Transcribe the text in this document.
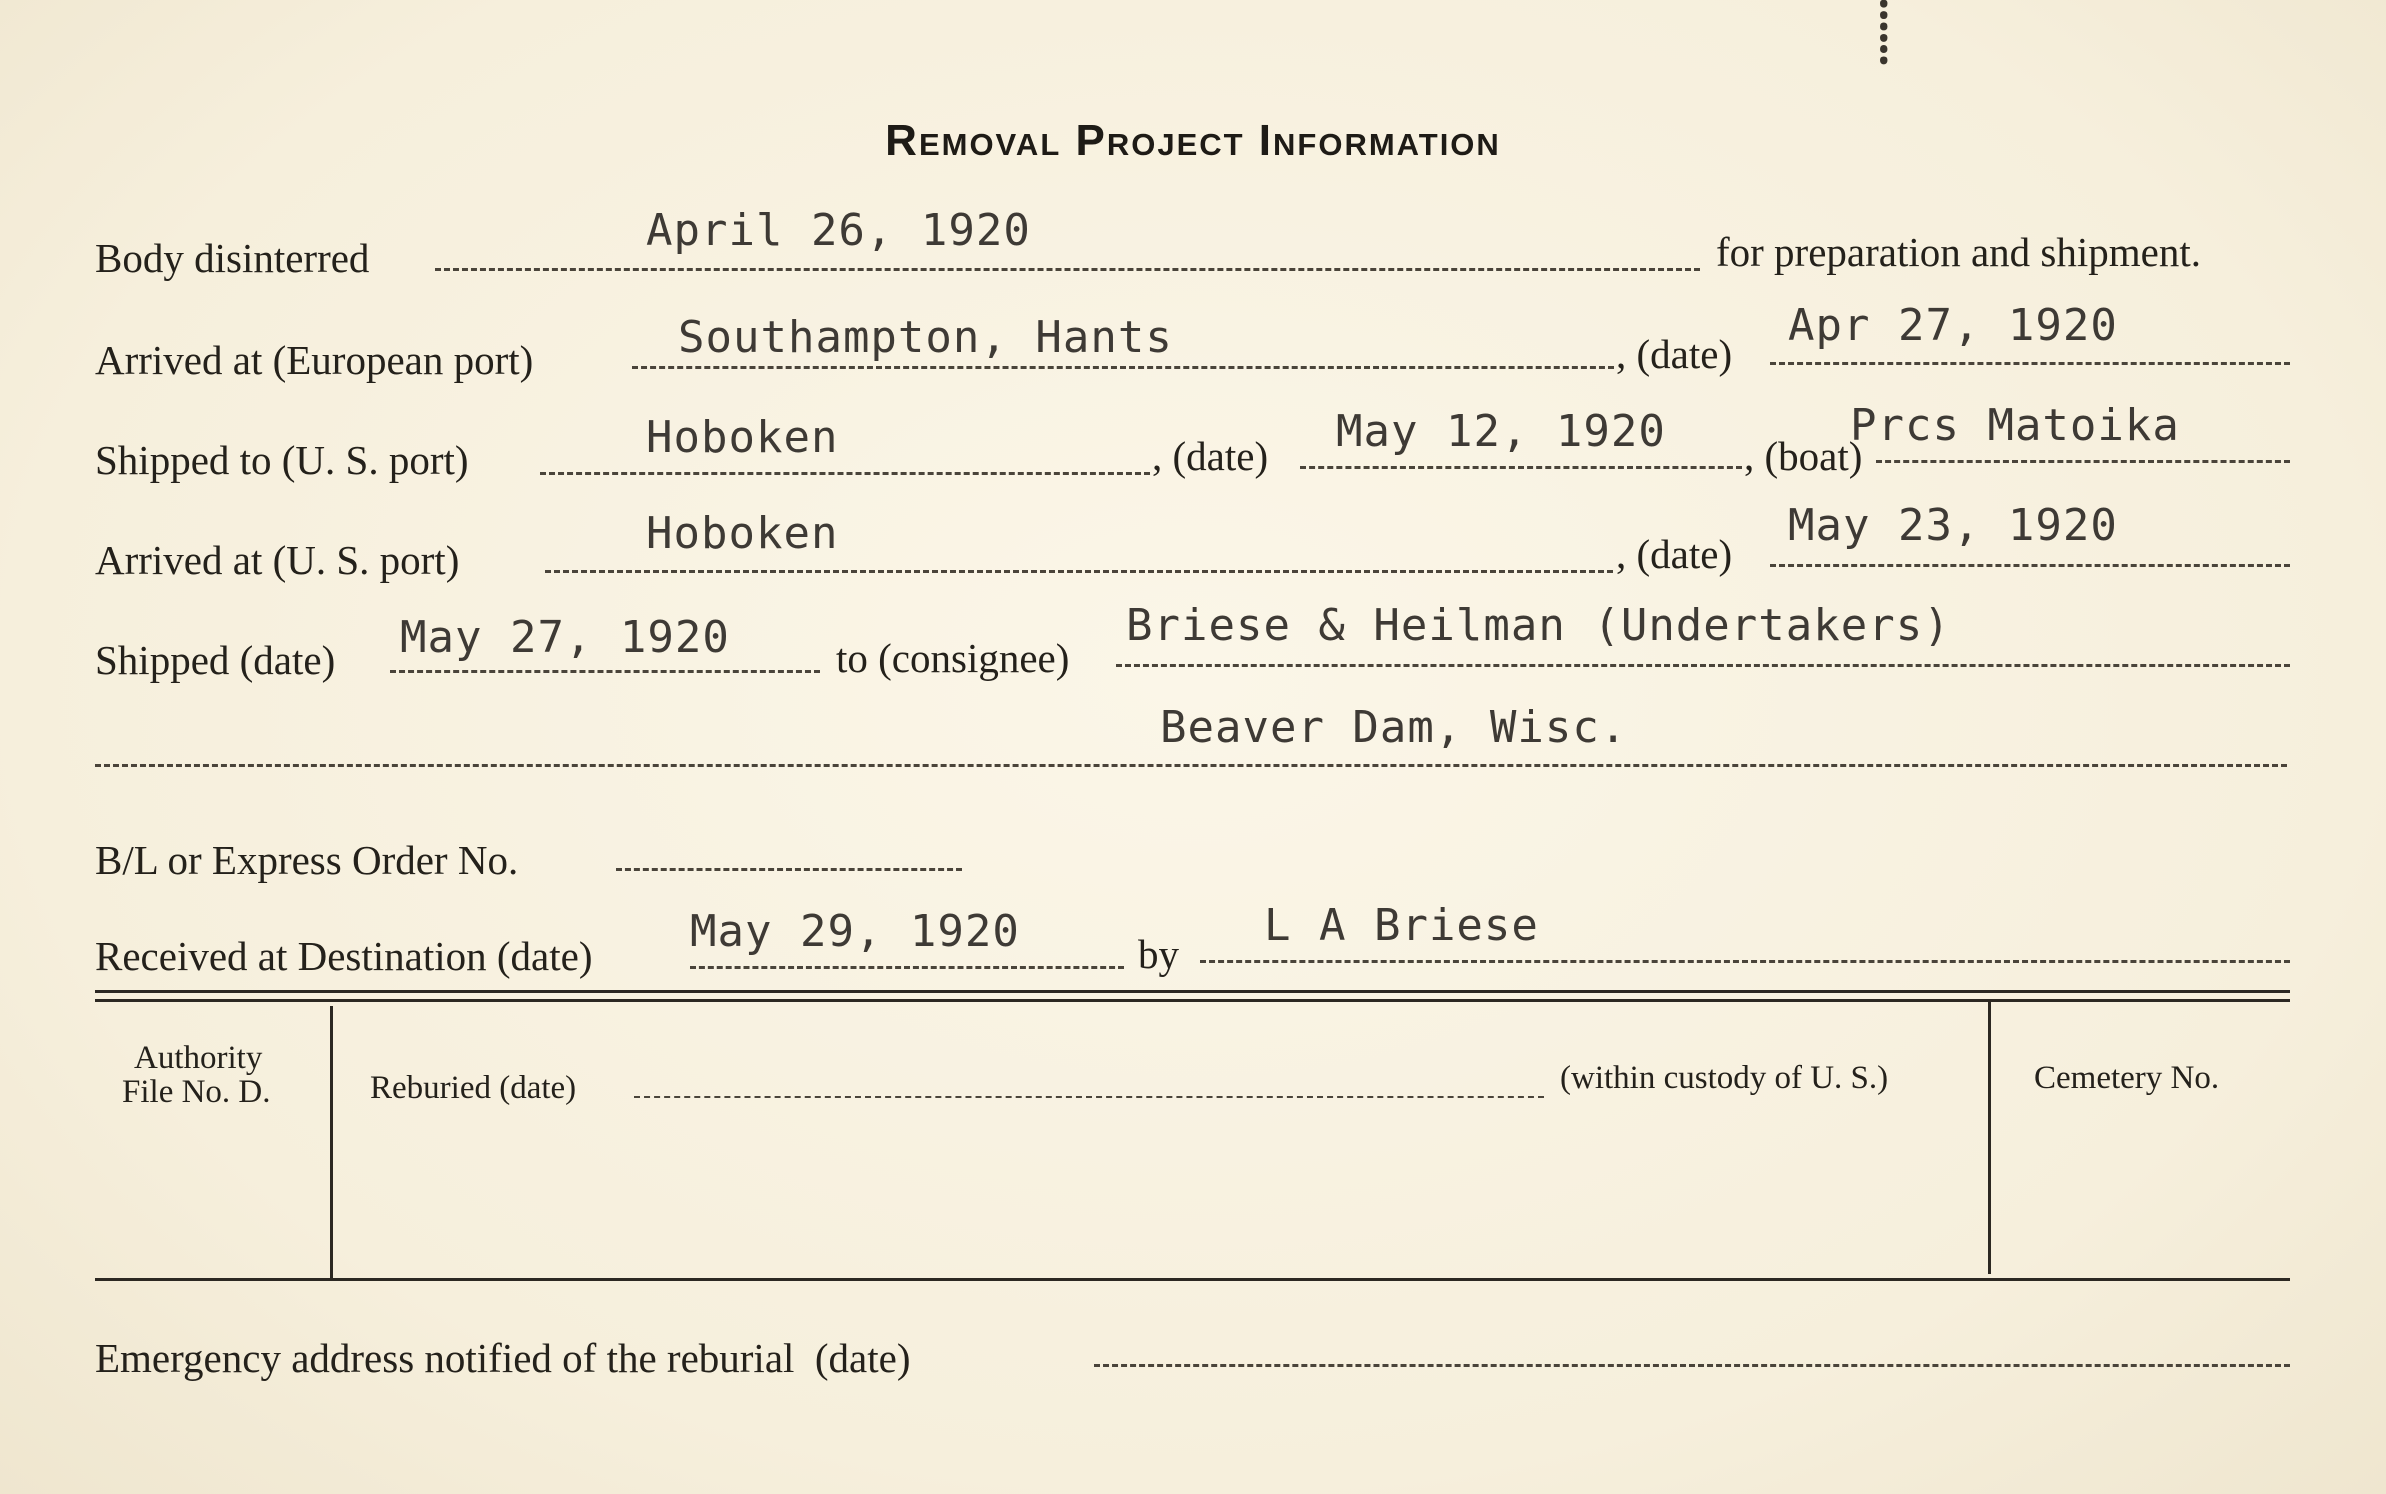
⸽
Removal Project Information
Body disinterred
April 26, 1920	for preparation and shipment.
Arrived at (European port)	Southampton, Hants	, (date)
Apr 27, 1920
Shipped to (U. S. port)	Hoboken	, (date) May 12, 1920 , (boat)
Prcs Matoika
Arrived at (U. S. port)
Hoboken	, (date)
May 23, 1920
Shipped (date) May 27, 1920	to (consignee)
Briese & Heilman (Undertakers)
Beaver Dam, Wisc.
B/L or Express Order No.
Received at Destination (date) May 29, 1920	by
L A Briese
Authority
File No. D.	Reburied (date)	(within custody of U. S.)	Cemetery No.
Emergency address notified of the reburial  (date)
